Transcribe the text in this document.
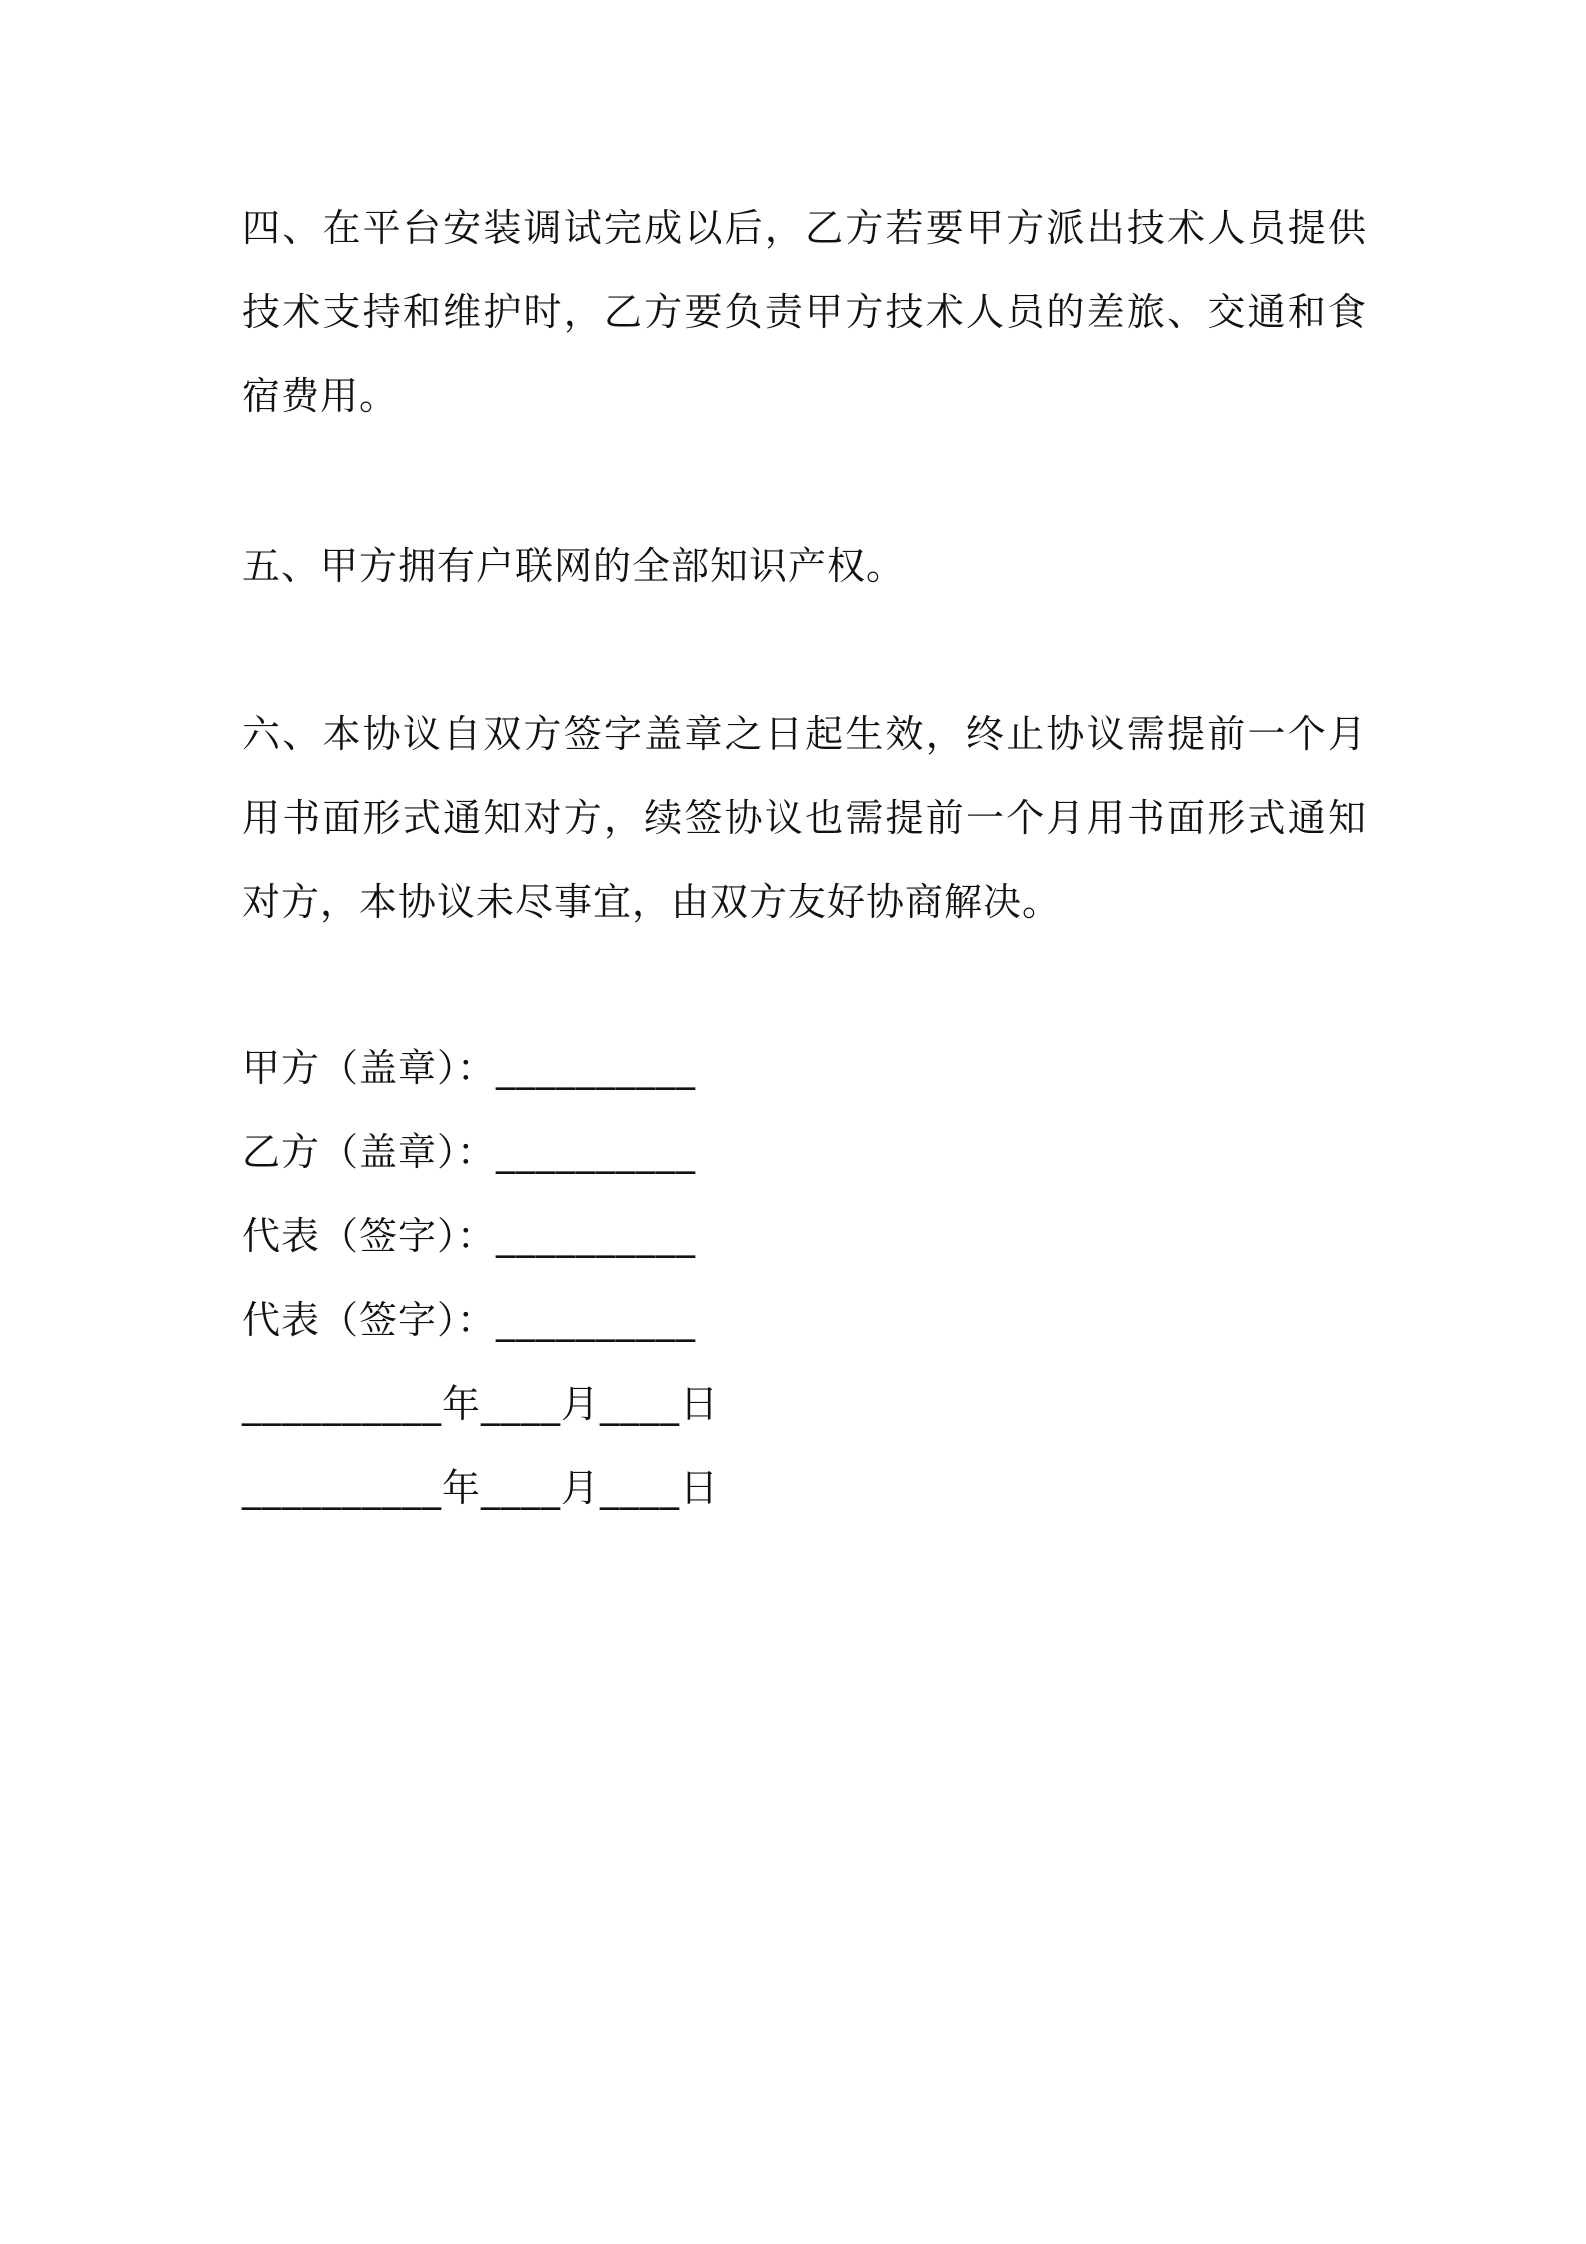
四、在平台安装调试完成以后，乙方若要甲方派出技术人员提供技术支持和维护时，乙方要负责甲方技术人员的差旅、交通和食宿费用。

五、甲方拥有户联网的全部知识产权。

六、本协议自双方签字盖章之日起生效，终止协议需提前一个月用书面形式通知对方，续签协议也需提前一个月用书面形式通知对方，本协议未尽事宜，由双方友好协商解决。

甲方（盖章）：__________
乙方（盖章）：__________
代表（签字）：__________
代表（签字）：__________
__________年____月____日
__________年____月____日
